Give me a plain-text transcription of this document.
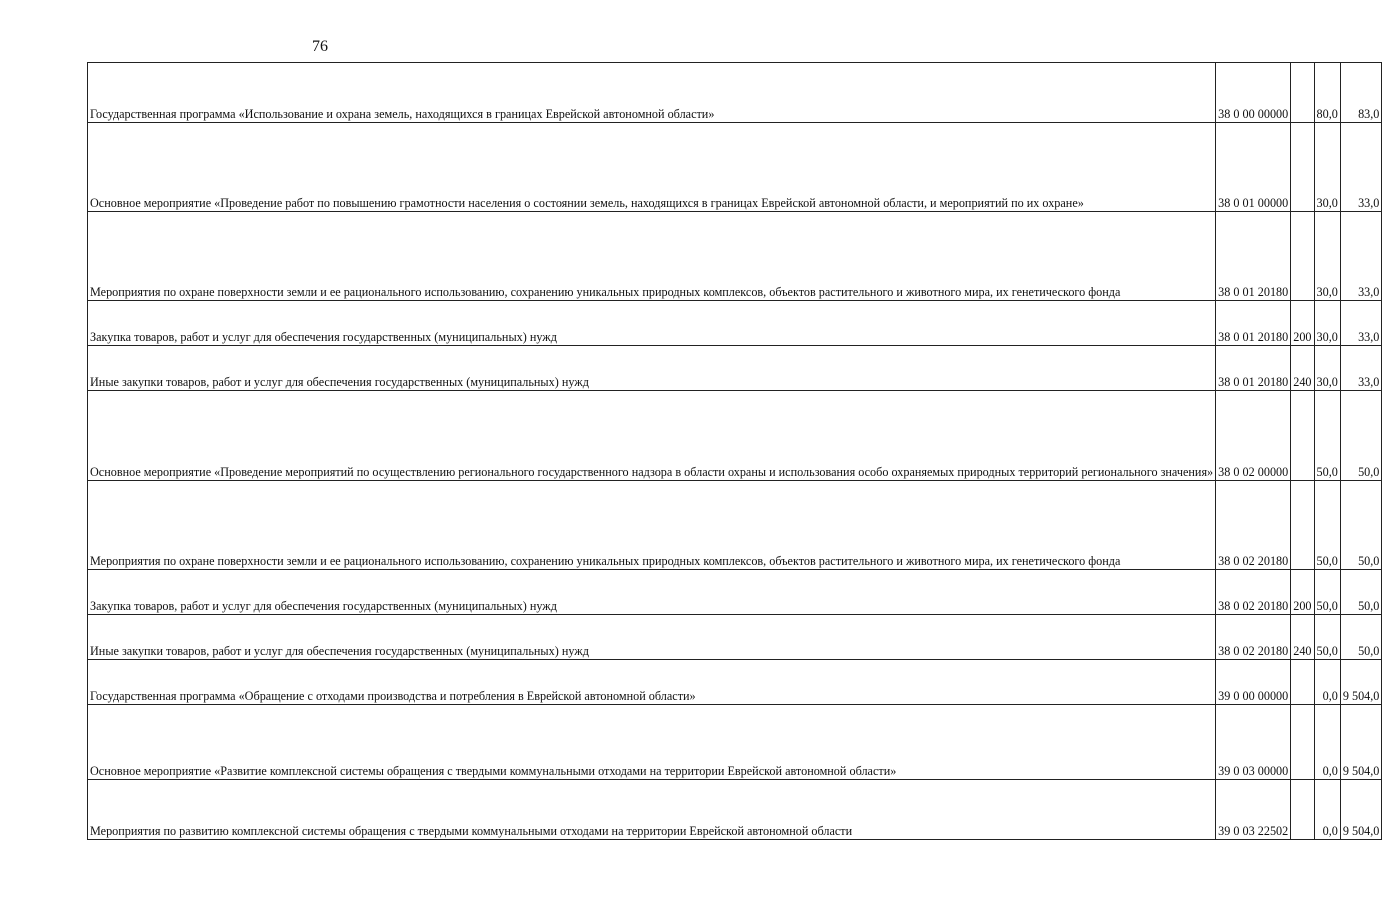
76
Государственная программа «Использование и охрана земель, находящихся в границах Еврейской автономной области»	38 0 00 00000		80,0	83,0
Основное мероприятие «Проведение работ по повышению грамотности населения о состоянии земель, находящихся в границах Еврейской автономной области, и мероприятий по их охране»	38 0 01 00000		30,0	33,0
Мероприятия по охране поверхности земли и ее рационального использованию, сохранению уникальных природных комплексов, объектов растительного и животного мира, их генетического фонда	38 0 01 20180		30,0	33,0
Закупка товаров, работ и услуг для обеспечения государственных (муниципальных) нужд	38 0 01 20180	200	30,0	33,0
Иные закупки товаров, работ и услуг для обеспечения государственных (муниципальных) нужд	38 0 01 20180	240	30,0	33,0
Основное мероприятие «Проведение мероприятий по осуществлению регионального государственного надзора в области охраны и использования особо охраняемых природных территорий регионального значения»	38 0 02 00000		50,0	50,0
Мероприятия по охране поверхности земли и ее рационального использованию, сохранению уникальных природных комплексов, объектов растительного и животного мира, их генетического фонда	38 0 02 20180		50,0	50,0
Закупка товаров, работ и услуг для обеспечения государственных (муниципальных) нужд	38 0 02 20180	200	50,0	50,0
Иные закупки товаров, работ и услуг для обеспечения государственных (муниципальных) нужд	38 0 02 20180	240	50,0	50,0
Государственная программа «Обращение с отходами производства и потребления в Еврейской автономной области»	39 0 00 00000		0,0	9 504,0
Основное мероприятие «Развитие комплексной системы обращения с твердыми коммунальными отходами на территории Еврейской автономной области»	39 0 03 00000		0,0	9 504,0
Мероприятия по развитию комплексной системы обращения с твердыми коммунальными отходами на территории Еврейской автономной области	39 0 03 22502		0,0	9 504,0
